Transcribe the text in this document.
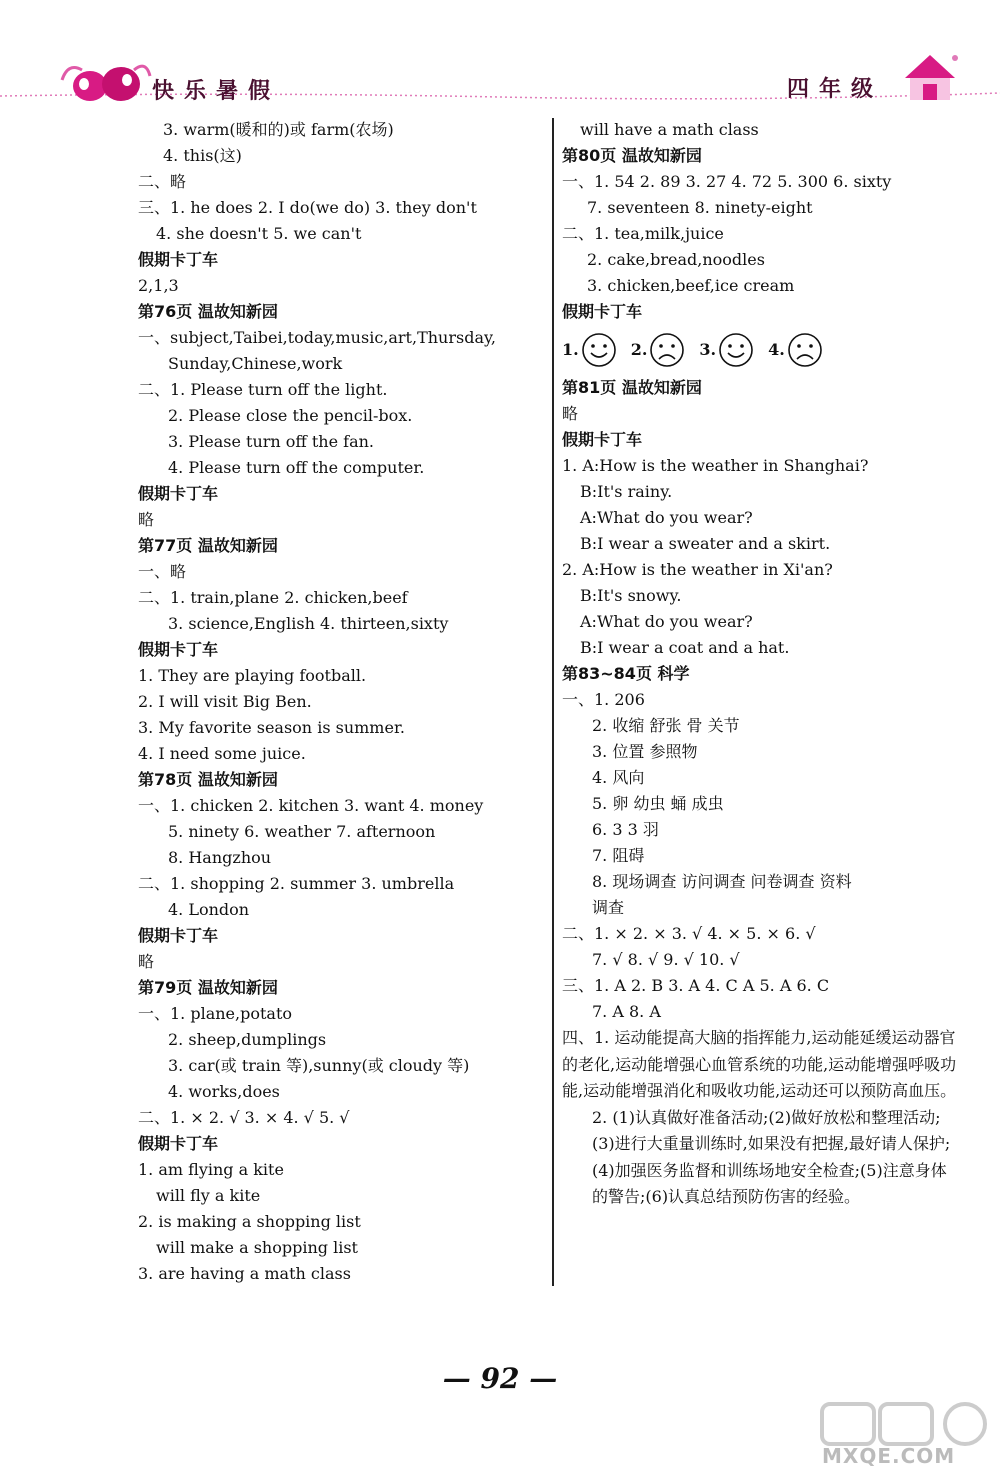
快乐暑假	四年级
3. warm(暖和的)或 farm(农场)
4. this(这)
二、略
三、1. he does 2. I do(we do) 3. they don't
4. she doesn't 5. we can't
假期卡丁车
2,1,3
第76页 温故知新园
一、subject,Taibei,today,music,art,Thursday,
Sunday,Chinese,work
二、1. Please turn off the light.
2. Please close the pencil-box.
3. Please turn off the fan.
4. Please turn off the computer.
假期卡丁车
略
第77页 温故知新园
一、略
二、1. train,plane 2. chicken,beef
3. science,English 4. thirteen,sixty
假期卡丁车
1. They are playing football.
2. I will visit Big Ben.
3. My favorite season is summer.
4. I need some juice.
第78页 温故知新园
一、1. chicken 2. kitchen 3. want 4. money
5. ninety 6. weather 7. afternoon
8. Hangzhou
二、1. shopping 2. summer 3. umbrella
4. London
假期卡丁车
略
第79页 温故知新园
一、1. plane,potato
2. sheep,dumplings
3. car(或 train 等),sunny(或 cloudy 等)
4. works,does
二、1. × 2. √ 3. × 4. √ 5. √
假期卡丁车
1. am flying a kite
will fly a kite
2. is making a shopping list
will make a shopping list
3. are having a math class
will have a math class
第80页 温故知新园
一、1. 54 2. 89 3. 27 4. 72 5. 300 6. sixty
7. seventeen 8. ninety-eight
二、1. tea,milk,juice
2. cake,bread,noodles
3. chicken,beef,ice cream
假期卡丁车
1.	2.	3.	4.
第81页 温故知新园
略
假期卡丁车
1. A:How is the weather in Shanghai?
B:It's rainy.
A:What do you wear?
B:I wear a sweater and a skirt.
2. A:How is the weather in Xi'an?
B:It's snowy.
A:What do you wear?
B:I wear a coat and a hat.
第83~84页 科学
一、1. 206
2. 收缩 舒张 骨 关节
3. 位置 参照物
4. 风向
5. 卵 幼虫 蛹 成虫
6. 3 3 羽
7. 阻碍
8. 现场调查 访问调查 问卷调查 资料
调查
二、1. × 2. × 3. √ 4. × 5. × 6. √
7. √ 8. √ 9. √ 10. √
三、1. A 2. B 3. A 4. C A 5. A 6. C
7. A 8. A
四、1. 运动能提高大脑的指挥能力,运动能延缓运动器官的老化,运动能增强心血管系统的功能,运动能增强呼吸功能,运动能增强消化和吸收功能,运动还可以预防高血压。
2. (1)认真做好准备活动;(2)做好放松和整理活动;(3)进行大重量训练时,如果没有把握,最好请人保护;(4)加强医务监督和训练场地安全检查;(5)注意身体的警告;(6)认真总结预防伤害的经验。
— 92 —
MXQE.COM
